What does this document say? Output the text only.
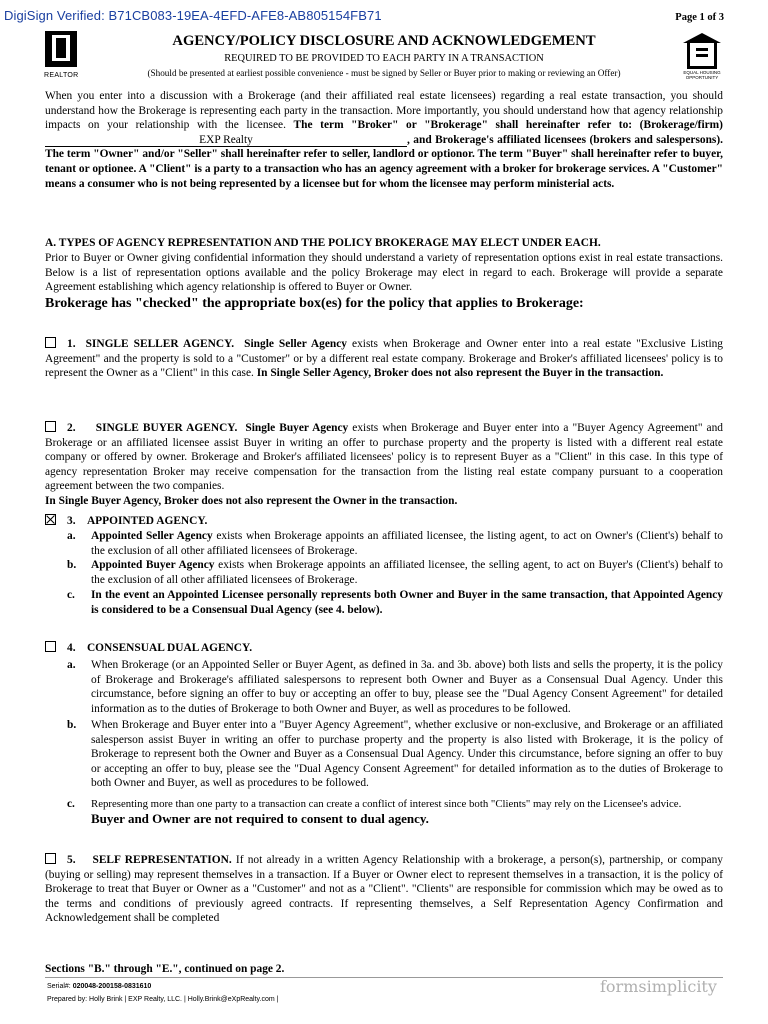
DigiSign Verified: B71CB083-19EA-4EFD-AFE8-AB805154FB71	Page 1 of 3
REALTOR	EQUAL HOUSING OPPORTUNITY
AGENCY/POLICY DISCLOSURE AND ACKNOWLEDGEMENT
REQUIRED TO BE PROVIDED TO EACH PARTY IN A TRANSACTION
(Should be presented at earliest possible convenience - must be signed by Seller or Buyer prior to making or reviewing an Offer)
When you enter into a discussion with a Brokerage (and their affiliated real estate licensees) regarding a real estate transaction, you should understand how the Brokerage is representing each party in the transaction. More importantly, you should understand how that agency relationship impacts on your relationship with the licensee. The term "Broker" or "Brokerage" shall hereinafter refer to: (Brokerage/firm) EXP Realty	, and Brokerage's affiliated licensees (brokers and salespersons). The term "Owner" and/or "Seller" shall hereinafter refer to seller, landlord or optionor. The term "Buyer" shall hereinafter refer to buyer, tenant or optionee. A "Client" is a party to a transaction who has an agency agreement with a broker for brokerage services. A "Customer" means a consumer who is not being represented by a licensee but for whom the licensee may perform ministerial acts.
A. TYPES OF AGENCY REPRESENTATION AND THE POLICY BROKERAGE MAY ELECT UNDER EACH.
Prior to Buyer or Owner giving confidential information they should understand a variety of representation options exist in real estate transactions. Below is a list of representation options available and the policy Brokerage may elect in regard to each. Brokerage will provide a separate Agreement establishing which agency relationship is offered to Buyer or Owner.
Brokerage has "checked" the appropriate box(es) for the policy that applies to Brokerage:
1. SINGLE SELLER AGENCY. Single Seller Agency exists when Brokerage and Owner enter into a real estate "Exclusive Listing Agreement" and the property is sold to a "Customer" or by a different real estate company. Brokerage and Broker's affiliated licensees' policy is to represent the Owner as a "Client" in this case. In Single Seller Agency, Broker does not also represent the Buyer in the transaction.
2. SINGLE BUYER AGENCY. Single Buyer Agency exists when Brokerage and Buyer enter into a "Buyer Agency Agreement" and Brokerage or an affiliated licensee assist Buyer in writing an offer to purchase property and the property is listed with a different real estate company or offered by owner. Brokerage and Broker's affiliated licensees' policy is to represent Buyer as a "Client" in this case. In this type of agency representation Broker may receive compensation for the transaction from the listing real estate company pursuant to a cooperation agreement between the two companies.
In Single Buyer Agency, Broker does not also represent the Owner in the transaction.
3. APPOINTED AGENCY.
a. Appointed Seller Agency exists when Brokerage appoints an affiliated licensee, the listing agent, to act on Owner's (Client's) behalf to the exclusion of all other affiliated licensees of Brokerage.
b. Appointed Buyer Agency exists when Brokerage appoints an affiliated licensee, the selling agent, to act on Buyer's (Client's) behalf to the exclusion of all other affiliated licensees of Brokerage.
c. In the event an Appointed Licensee personally represents both Owner and Buyer in the same transaction, that Appointed Agency is considered to be a Consensual Dual Agency (see 4. below).
4. CONSENSUAL DUAL AGENCY.
a. When Brokerage (or an Appointed Seller or Buyer Agent, as defined in 3a. and 3b. above) both lists and sells the property, it is the policy of Brokerage and Brokerage's affiliated salespersons to represent both Owner and Buyer as a Consensual Dual Agency. Under this circumstance, before signing an offer to buy or accepting an offer to buy, please see the "Dual Agency Consent Agreement" for detailed information as to the duties of Brokerage to both Owner and Buyer, as well as procedures to be followed.
b. When Brokerage and Buyer enter into a "Buyer Agency Agreement", whether exclusive or non-exclusive, and Brokerage or an affiliated salesperson assist Buyer in writing an offer to purchase property and the property is also listed with Brokerage, it is the policy of Brokerage to represent both the Owner and Buyer as a Consensual Dual Agency. Under this circumstance, before signing an offer to buy or accepting an offer to buy, please see the "Dual Agency Consent Agreement" for detailed information as to the duties of Brokerage to both Owner and Buyer, as well as procedures to be followed.
c. Representing more than one party to a transaction can create a conflict of interest since both "Clients" may rely on the Licensee's advice.
Buyer and Owner are not required to consent to dual agency.
5. SELF REPRESENTATION. If not already in a written Agency Relationship with a brokerage, a person(s), partnership, or company (buying or selling) may represent themselves in a transaction. If a Buyer or Owner elect to represent themselves in a transaction, it is the policy of Brokerage to treat that Buyer or Owner as a "Customer" and not as a "Client". "Clients" are responsible for commission which may be owed as to the terms and conditions of previously agreed contracts. If representing themselves, a Self Representation Agency Confirmation and Acknowledgement shall be completed
Sections "B." through "E.", continued on page 2.
Serial#: 020048-200158-0831610
Prepared by: Holly Brink | EXP Realty, LLC. | Holly.Brink@eXpRealty.com |
formsimplicity
